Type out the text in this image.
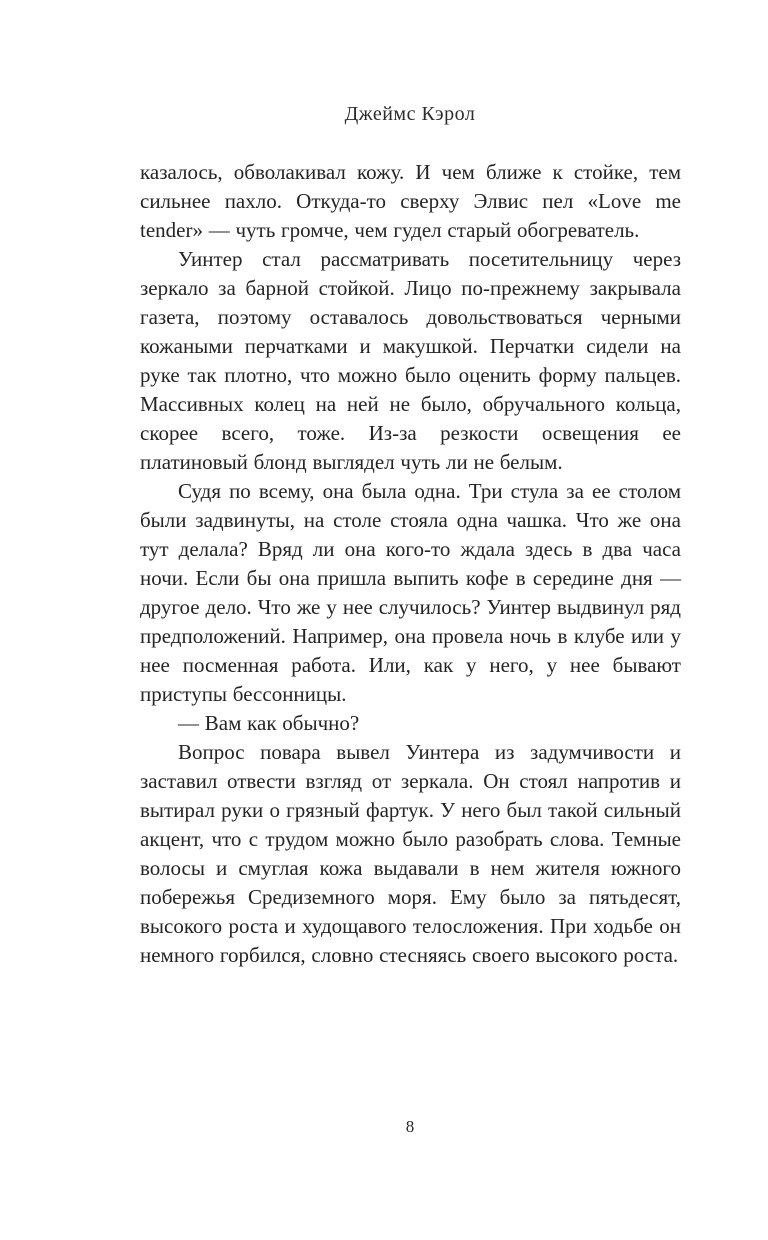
Джеймс Кэрол

казалось, обволакивал кожу. И чем ближе к стойке, тем сильнее пахло. Откуда-то сверху Элвис пел «Love me tender» — чуть громче, чем гудел старый обогреватель.

Уинтер стал рассматривать посетительницу через зеркало за барной стойкой. Лицо по-прежнему закрывала газета, поэтому оставалось довольствоваться черными кожаными перчатками и макушкой. Перчатки сидели на руке так плотно, что можно было оценить форму пальцев. Массивных колец на ней не было, обручального кольца, скорее всего, тоже. Из-за резкости освещения ее платиновый блонд выглядел чуть ли не белым.

Судя по всему, она была одна. Три стула за ее столом были задвинуты, на столе стояла одна чашка. Что же она тут делала? Вряд ли она кого-то ждала здесь в два часа ночи. Если бы она пришла выпить кофе в середине дня — другое дело. Что же у нее случилось? Уинтер выдвинул ряд предположений. Например, она провела ночь в клубе или у нее посменная работа. Или, как у него, у нее бывают приступы бессонницы.

— Вам как обычно?

Вопрос повара вывел Уинтера из задумчивости и заставил отвести взгляд от зеркала. Он стоял напротив и вытирал руки о грязный фартук. У него был такой сильный акцент, что с трудом можно было разобрать слова. Темные волосы и смуглая кожа выдавали в нем жителя южного побережья Средиземного моря. Ему было за пятьдесят, высокого роста и худощавого телосложения. При ходьбе он немного горбился, словно стесняясь своего высокого роста.

8
